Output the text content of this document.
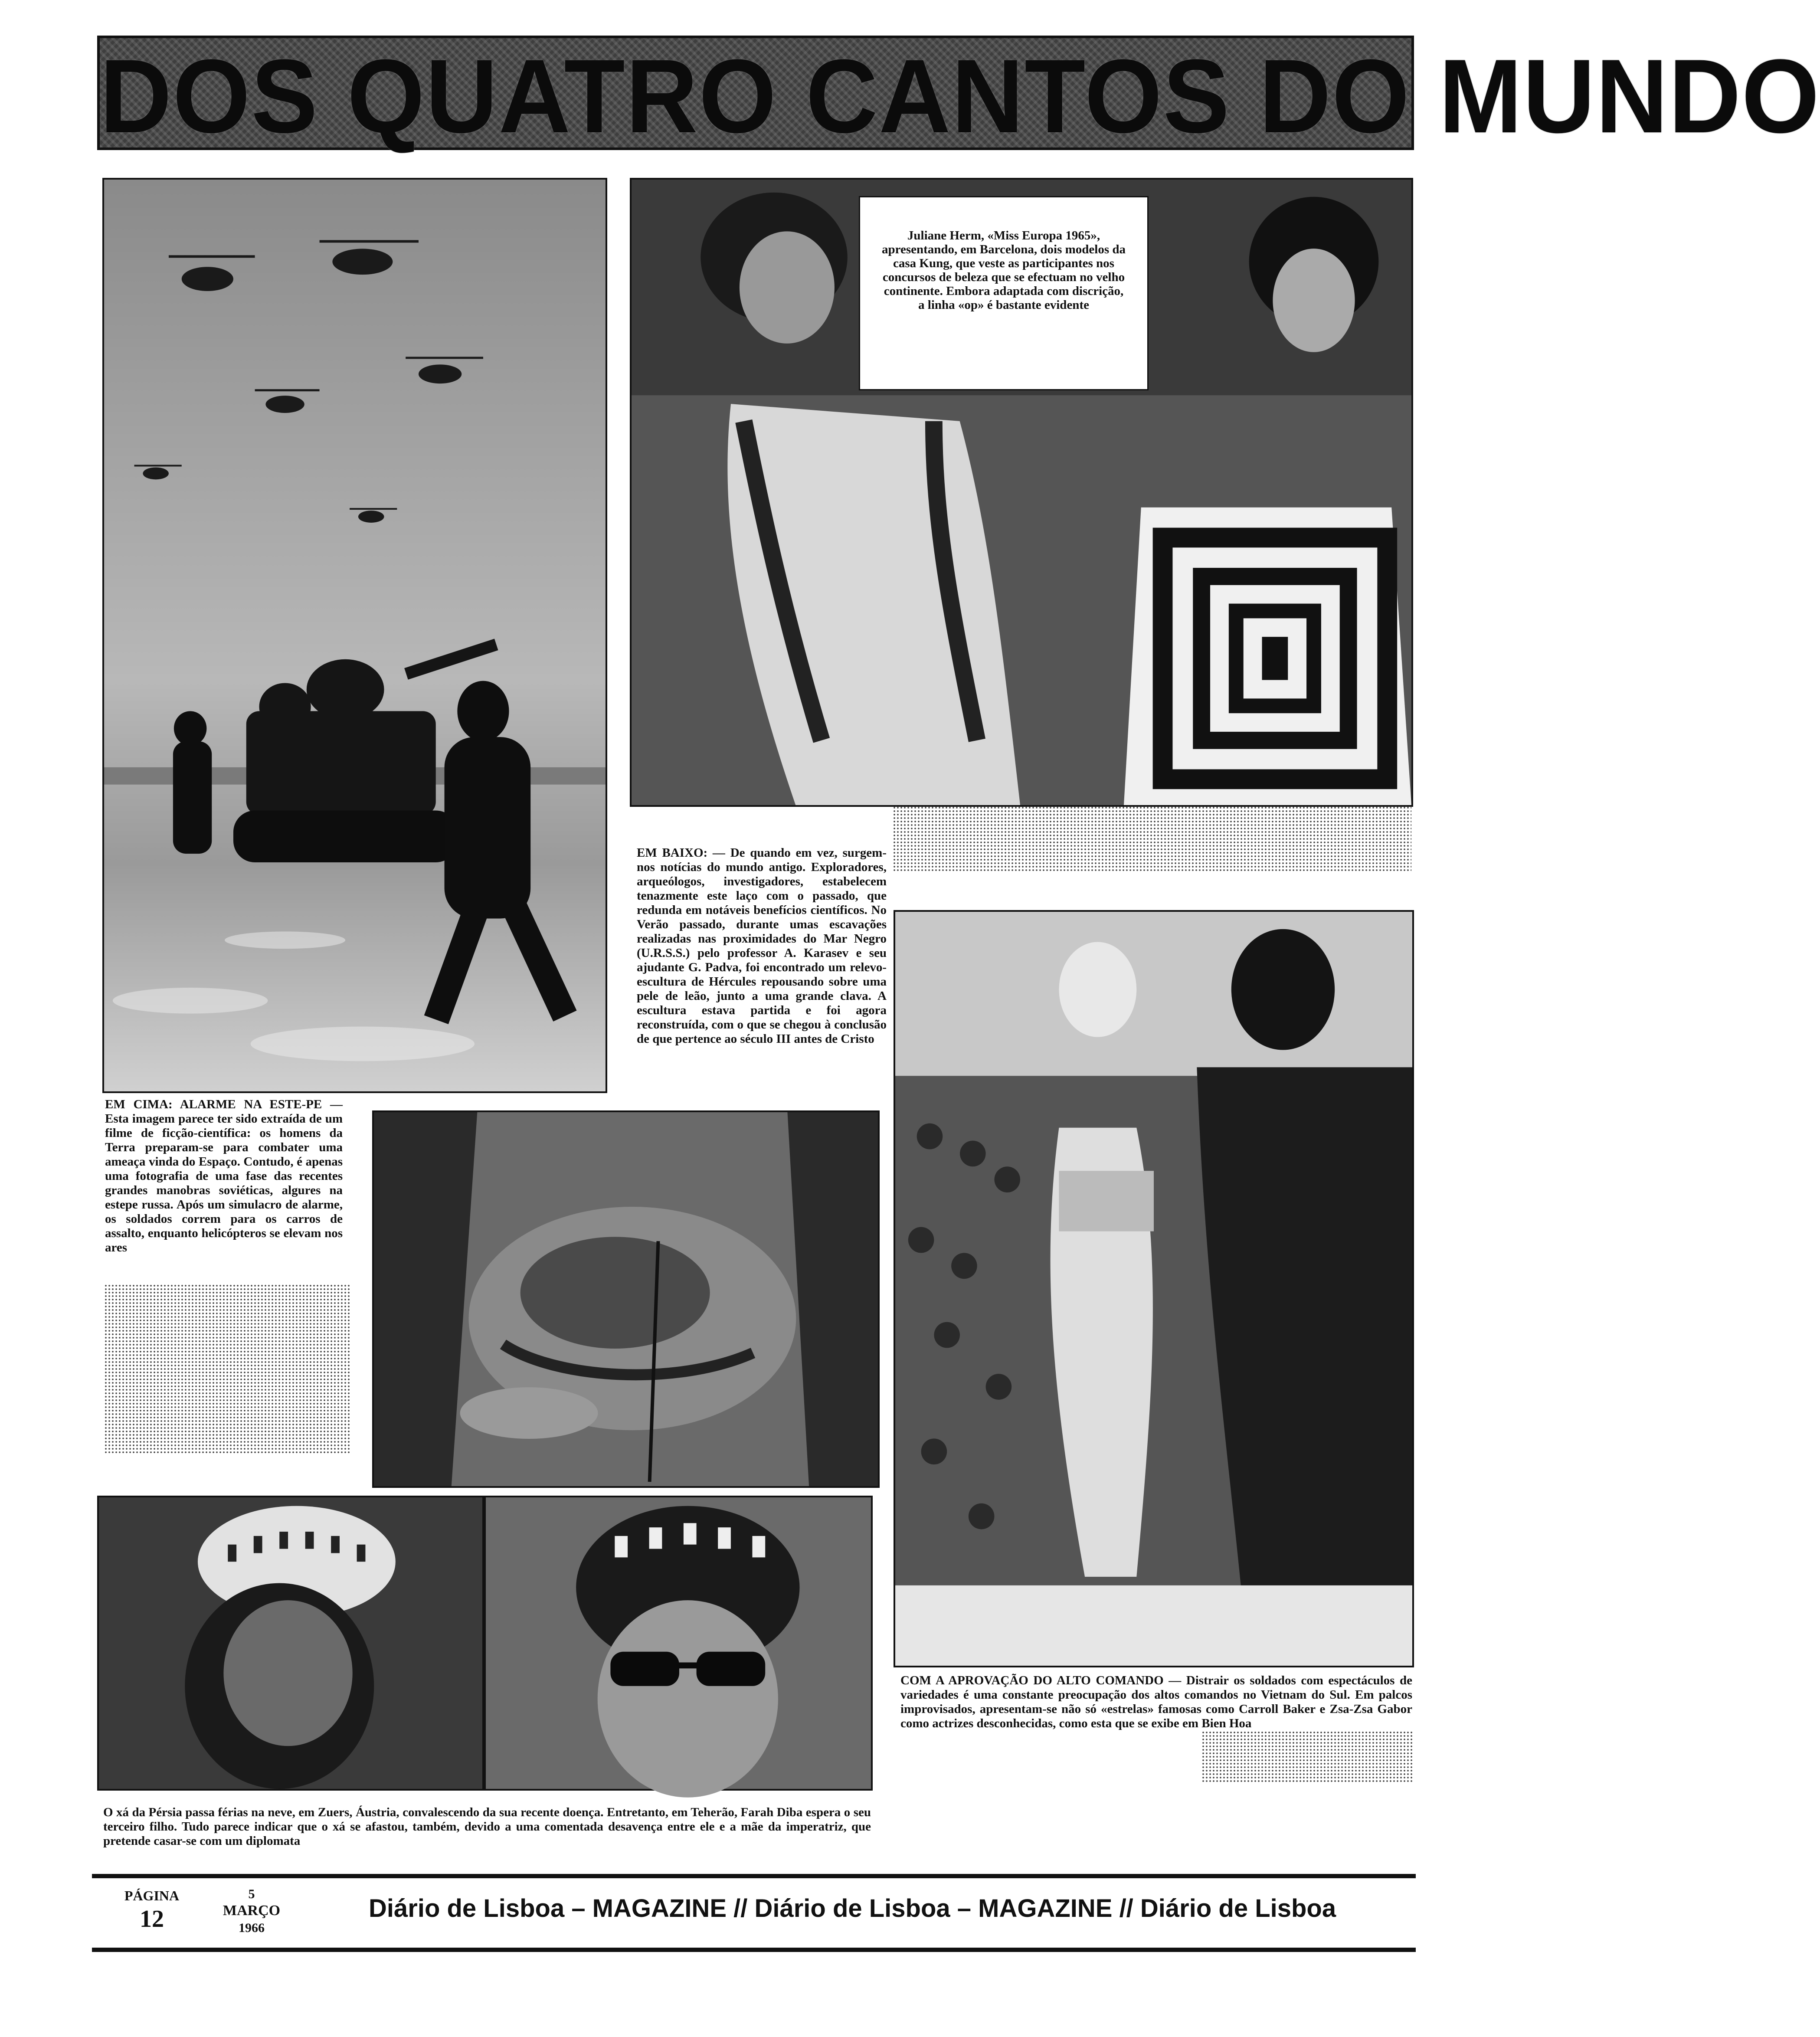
DOS QUATRO CANTOS DO MUNDO
Juliane Herm, «Miss Europa 1965», apresentando, em Barcelona, dois modelos da casa Kung, que veste as participantes nos concursos de beleza que se efectuam no velho continente. Embora adaptada com discrição, a linha «op» é bastante evidente
EM BAIXO: — De quando em vez, surgem-nos notícias do mundo antigo. Exploradores, arqueólogos, investigadores, estabelecem tenazmente este laço com o passado, que redunda em notáveis benefícios científicos. No Verão passado, durante umas escavações realizadas nas proximidades do Mar Negro (U.R.S.S.) pelo professor A. Karasev e seu ajudante G. Padva, foi encontrado um relevo-escultura de Hércules repousando sobre uma pele de leão, junto a uma grande clava. A escultura estava partida e foi agora reconstruída, com o que se chegou à conclusão de que pertence ao século III antes de Cristo
EM CIMA: ALARME NA ESTE-PE — Esta imagem parece ter sido extraída de um filme de ficção-científica: os homens da Terra preparam-se para combater uma ameaça vinda do Espaço. Contudo, é apenas uma fotografia de uma fase das recentes grandes manobras soviéticas, algures na estepe russa. Após um simulacro de alarme, os soldados correm para os carros de assalto, enquanto helicópteros se elevam nos ares
COM A APROVAÇÃO DO ALTO COMANDO — Distrair os soldados com espectáculos de variedades é uma constante preocupação dos altos comandos no Vietnam do Sul. Em palcos improvisados, apresentam-se não só «estrelas» famosas como Carroll Baker e Zsa-Zsa Gabor como actrizes desconhecidas, como esta que se exibe em Bien Hoa
O xá da Pérsia passa férias na neve, em Zuers, Áustria, convalescendo da sua recente doença. Entretanto, em Teherão, Farah Diba espera o seu terceiro filho. Tudo parece indicar que o xá se afastou, também, devido a uma comentada desavença entre ele e a mãe da imperatriz, que pretende casar-se com um diplomata
PÁGINA
12
5
MARÇO
1966
Diário de Lisboa – MAGAZINE // Diário de Lisboa – MAGAZINE // Diário de Lisboa
